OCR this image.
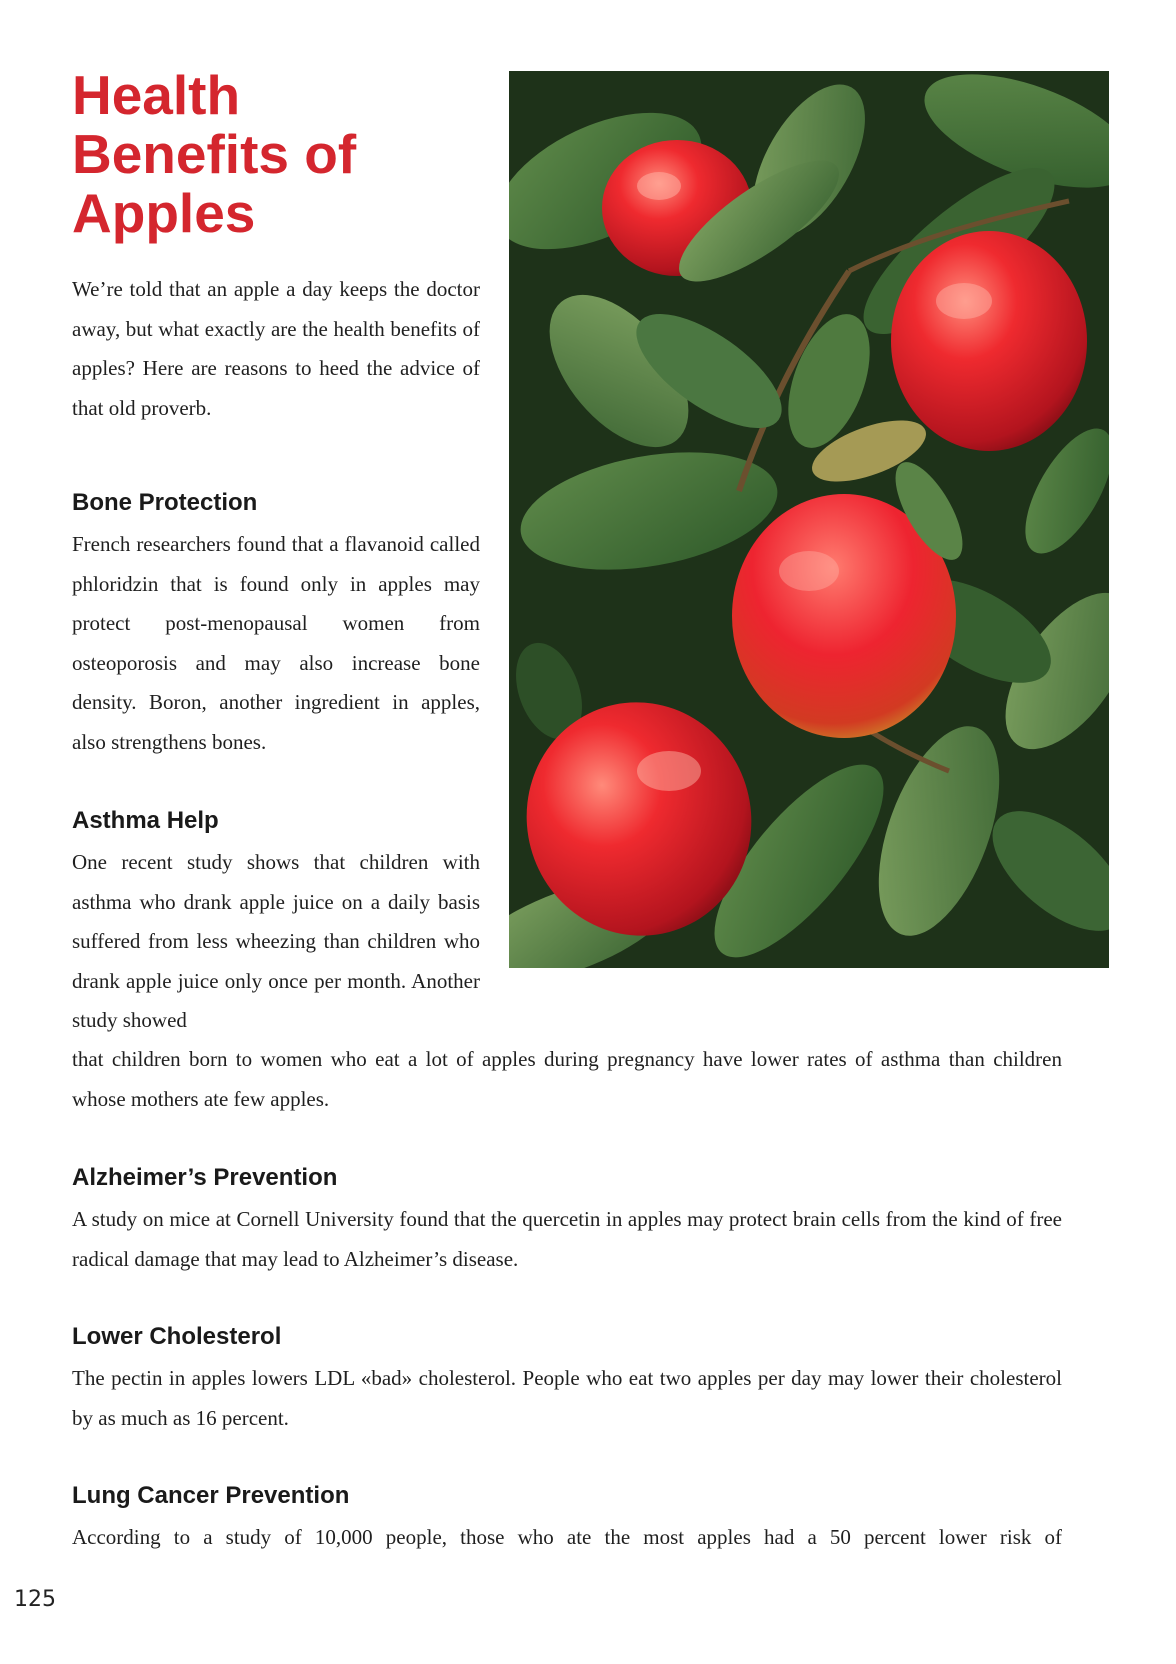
Health Benefits of Apples

We’re told that an apple a day keeps the doctor away, but what exactly are the health benefits of apples? Here are reasons to heed the advice of that old proverb.

Bone Protection

French researchers found that a flavanoid called phloridzin that is found only in apples may protect post-menopausal women from osteoporosis and may also increase bone density. Boron, another ingredient in apples, also strengthens bones.

Asthma Help

One recent study shows that children with asthma who drank apple juice on a daily basis suffered from less wheezing than children who drank apple juice only once per month. Another study showed

that children born to women who eat a lot of apples during pregnancy have lower rates of asthma than children whose mothers ate few apples.

Alzheimer’s Prevention

A study on mice at Cornell University found that the quercetin in apples may protect brain cells from the kind of free radical damage that may lead to Alzheimer’s disease.

Lower Cholesterol

The pectin in apples lowers LDL «bad» cholesterol. People who eat two apples per day may lower their cholesterol by as much as 16 percent.

Lung Cancer Prevention

According to a study of 10,000 people, those who ate the most apples had a 50 percent lower risk of

125
